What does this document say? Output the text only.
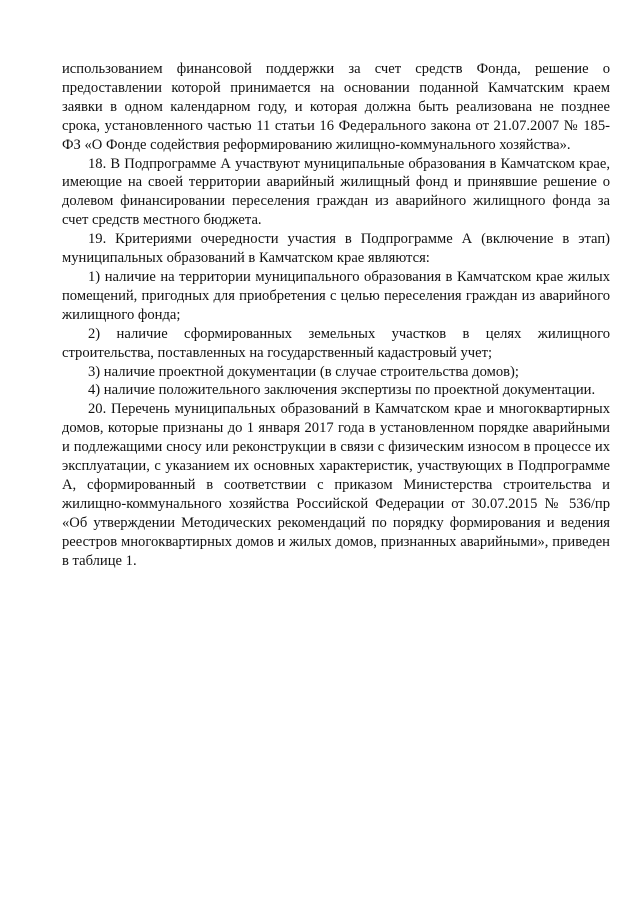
использованием финансовой поддержки за счет средств Фонда, решение о предоставлении которой принимается на основании поданной Камчатским краем заявки в одном календарном году, и которая должна быть реализована не позднее срока, установленного частью 11 статьи 16 Федерального закона от 21.07.2007 № 185-ФЗ «О Фонде содействия реформированию жилищно-коммунального хозяйства».

18. В Подпрограмме А участвуют муниципальные образования в Камчатском крае, имеющие на своей территории аварийный жилищный фонд и принявшие решение о долевом финансировании переселения граждан из аварийного жилищного фонда за счет средств местного бюджета.

19. Критериями очередности участия в Подпрограмме А (включение в этап) муниципальных образований в Камчатском крае являются:

1) наличие на территории муниципального образования в Камчатском крае жилых помещений, пригодных для приобретения с целью переселения граждан из аварийного жилищного фонда;

2) наличие сформированных земельных участков в целях жилищного строительства, поставленных на государственный кадастровый учет;

3) наличие проектной документации (в случае строительства домов);

4) наличие положительного заключения экспертизы по проектной документации.

20. Перечень муниципальных образований в Камчатском крае и многоквартирных домов, которые признаны до 1 января 2017 года в установленном порядке аварийными и подлежащими сносу или реконструкции в связи с физическим износом в процессе их эксплуатации, с указанием их основных характеристик, участвующих в Подпрограмме А, сформированный в соответствии с приказом Министерства строительства и жилищно-коммунального хозяйства Российской Федерации от 30.07.2015 № 536/пр «Об утверждении Методических рекомендаций по порядку формирования и ведения реестров многоквартирных домов и жилых домов, признанных аварийными», приведен в таблице 1.
